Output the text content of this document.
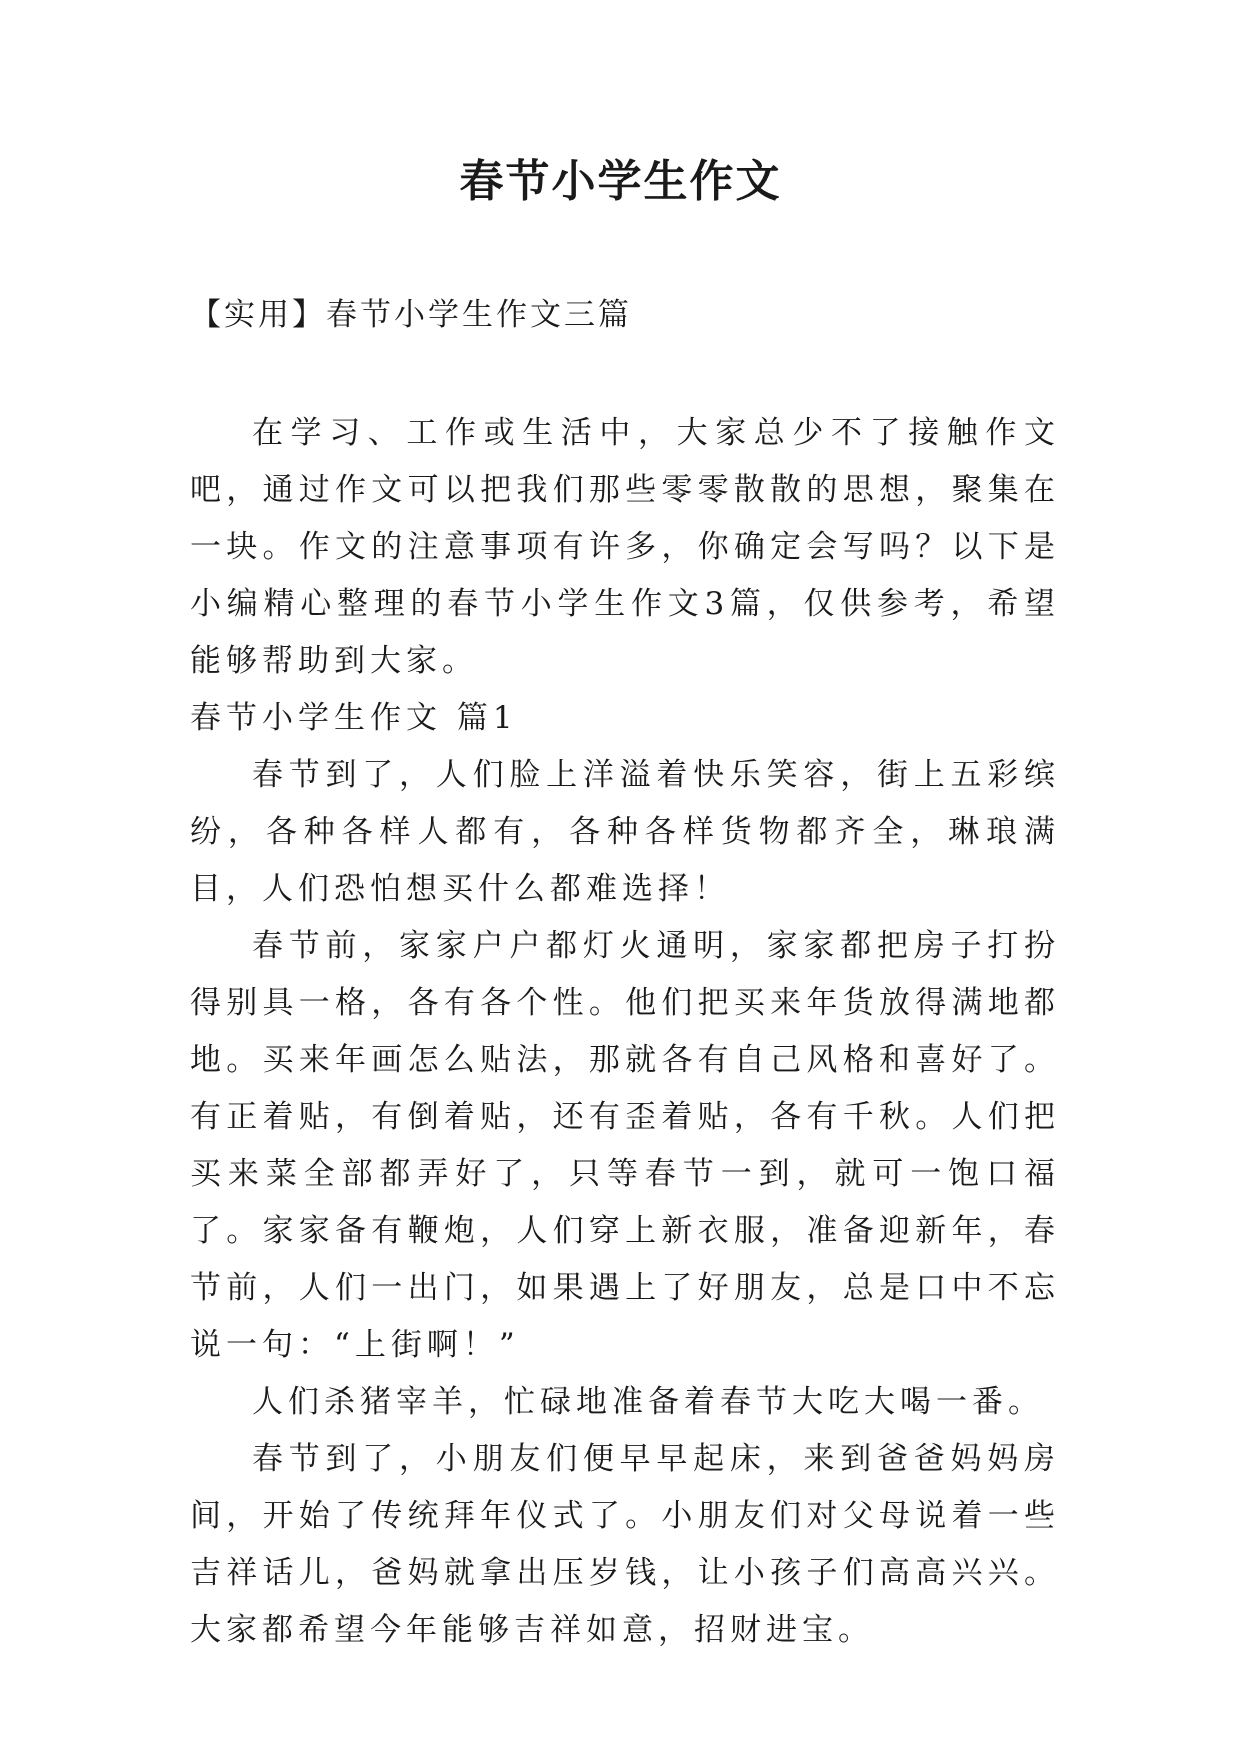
春节小学生作文

【实用】春节小学生作文三篇

在学习、工作或生活中，大家总少不了接触作文吧，通过作文可以把我们那些零零散散的思想，聚集在一块。作文的注意事项有许多，你确定会写吗？以下是小编精心整理的春节小学生作文3篇，仅供参考，希望能够帮助到大家。

春节小学生作文 篇1

春节到了，人们脸上洋溢着快乐笑容，街上五彩缤纷，各种各样人都有，各种各样货物都齐全，琳琅满目，人们恐怕想买什么都难选择！

春节前，家家户户都灯火通明，家家都把房子打扮得别具一格，各有各个性。他们把买来年货放得满地都地。买来年画怎么贴法，那就各有自己风格和喜好了。有正着贴，有倒着贴，还有歪着贴，各有千秋。人们把买来菜全部都弄好了，只等春节一到，就可一饱口福了。家家备有鞭炮，人们穿上新衣服，准备迎新年，春节前，人们一出门，如果遇上了好朋友，总是口中不忘说一句：“上街啊！”

人们杀猪宰羊，忙碌地准备着春节大吃大喝一番。

春节到了，小朋友们便早早起床，来到爸爸妈妈房间，开始了传统拜年仪式了。小朋友们对父母说着一些吉祥话儿，爸妈就拿出压岁钱，让小孩子们高高兴兴。大家都希望今年能够吉祥如意，招财进宝。
